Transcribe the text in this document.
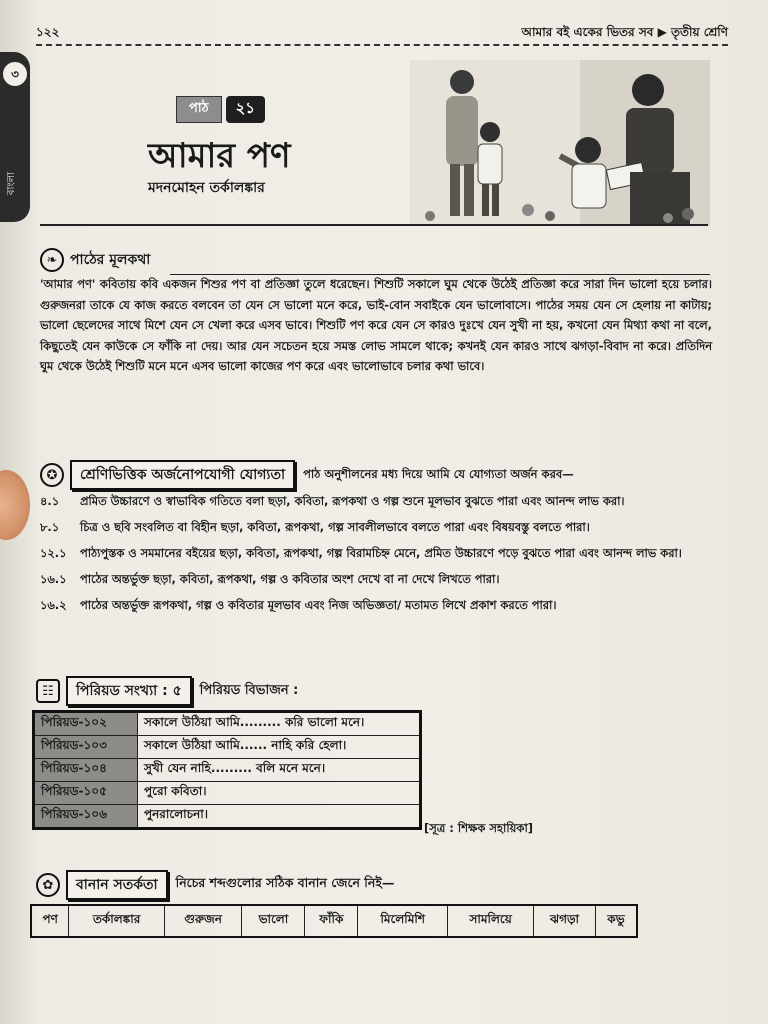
১২২	আমার বই একের ভিতর সব ▶ তৃতীয় শ্রেণি
৩
বাংলা
পাঠ	২১
আমার পণ
মদনমোহন তর্কালঙ্কার
❧ পাঠের মূলকথা
'আমার পণ' কবিতায় কবি একজন শিশুর পণ বা প্রতিজ্ঞা তুলে ধরেছেন। শিশুটি সকালে ঘুম থেকে উঠেই প্রতিজ্ঞা করে সারা দিন ভালো হয়ে চলার। গুরুজনরা তাকে যে কাজ করতে বলবেন তা যেন সে ভালো মনে করে, ভাই-বোন সবাইকে যেন ভালোবাসে। পাঠের সময় যেন সে হেলায় না কাটায়; ভালো ছেলেদের সাথে মিশে যেন সে খেলা করে এসব ভাবে। শিশুটি পণ করে যেন সে কারও দুঃখে যেন সুখী না হয়, কখনো যেন মিথ্যা কথা না বলে, কিছুতেই যেন কাউকে সে ফাঁকি না দেয়। আর যেন সচেতন হয়ে সমস্ত লোভ সামলে থাকে; কখনই যেন কারও সাথে ঝগড়া-বিবাদ না করে। প্রতিদিন ঘুম থেকে উঠেই শিশুটি মনে মনে এসব ভালো কাজের পণ করে এবং ভালোভাবে চলার কথা ভাবে।
✪	শ্রেণিভিত্তিক অর্জনোপযোগী যোগ্যতা	পাঠ অনুশীলনের মধ্য দিয়ে আমি যে যোগ্যতা অর্জন করব—
৪.১	প্রমিত উচ্চারণে ও স্বাভাবিক গতিতে বলা ছড়া, কবিতা, রূপকথা ও গল্প শুনে মূলভাব বুঝতে পারা এবং আনন্দ লাভ করা।
৮.১	চিত্র ও ছবি সংবলিত বা বিহীন ছড়া, কবিতা, রূপকথা, গল্প সাবলীলভাবে বলতে পারা এবং বিষয়বস্তু বলতে পারা।
১২.১	পাঠ্যপুস্তক ও সমমানের বইয়ের ছড়া, কবিতা, রূপকথা, গল্প বিরামচিহ্ন মেনে, প্রমিত উচ্চারণে পড়ে বুঝতে পারা এবং আনন্দ লাভ করা।
১৬.১	পাঠের অন্তর্ভুক্ত ছড়া, কবিতা, রূপকথা, গল্প ও কবিতার অংশ দেখে বা না দেখে লিখতে পারা।
১৬.২	পাঠের অন্তর্ভুক্ত রূপকথা, গল্প ও কবিতার মূলভাব এবং নিজ অভিজ্ঞতা/ মতামত লিখে প্রকাশ করতে পারা।
☷	পিরিয়ড সংখ্যা : ৫	পিরিয়ড বিভাজন :
পিরিয়ড-১০২	সকালে উঠিয়া আমি......... করি ভালো মনে।
পিরিয়ড-১০৩	সকালে উঠিয়া আমি...... নাহি করি হেলা।
পিরিয়ড-১০৪	সুখী যেন নাহি......... বলি মনে মনে।
পিরিয়ড-১০৫	পুরো কবিতা।
পিরিয়ড-১০৬	পুনরালোচনা।
[সূত্র : শিক্ষক সহায়িকা]
✿	বানান সতর্কতা	নিচের শব্দগুলোর সঠিক বানান জেনে নিই—
পণ	তর্কালঙ্কার	গুরুজন	ভালো	ফাঁকি	মিলেমিশি	সামলিয়ে	ঝগড়া	কভু
